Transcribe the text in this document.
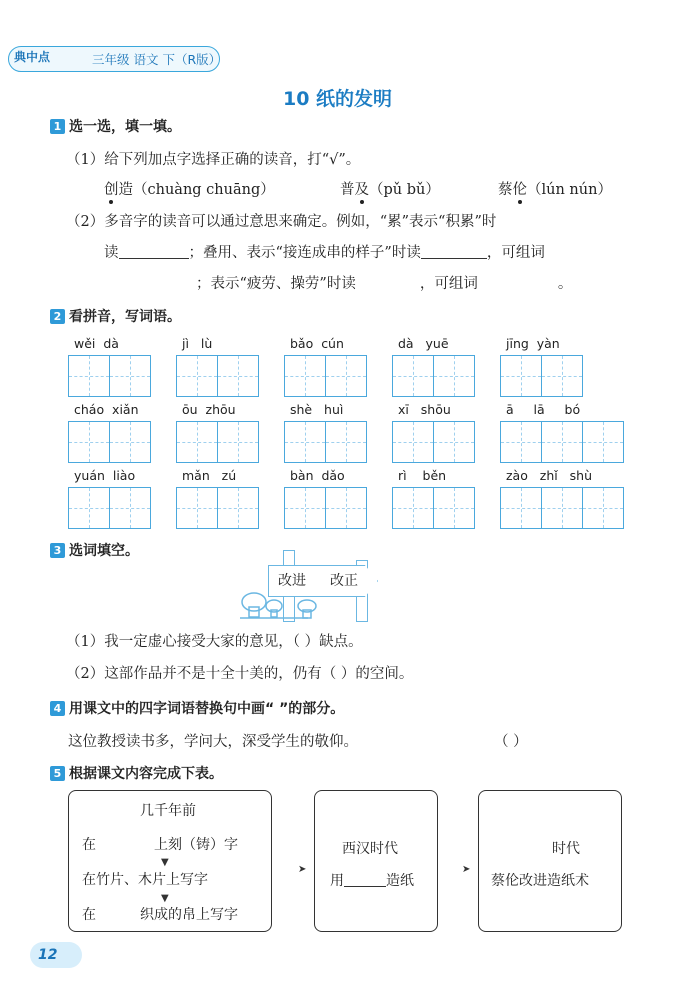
典中点	三年级 语文 下（R版）
10 纸的发明
1 选一选，填一填。
（1）给下列加点字选择正确的读音，打“√”。
创造（chuàng chuāng）	普及（pǔ bǔ）	蔡伦（lún nún）
（2）多音字的读音可以通过意思来确定。例如，“累”表示“积累”时
读	；叠用、表示“接连成串的样子”时读	，可组词
；表示“疲劳、操劳”时读	，可组词	。
2 看拼音，写词语。
wěi  dà	jì   lù	bǎo  cún	dà   yuē	jīng  yàn
cháo  xiǎn	ōu  zhōu	shè   huì	xī   shōu	ā     lā     bó
yuán  liào	mǎn   zú	bàn  dǎo	rì    běn	zào   zhǐ   shù
3 选词填空。
改进 改正
（1）我一定虚心接受大家的意见，（ ）缺点。
（2）这部作品并不是十全十美的，仍有（ ）的空间。
4 用课文中的四字词语替换句中画“ ”的部分。
这位教授读书多，学问大，深受学生的敬仰。	（ ）
5 根据课文内容完成下表。
几千年前
在	上刻（铸）字
▼
在竹片、木片上写字
▼
在	织成的帛上写字
➤
西汉时代
用	造纸
➤
时代
蔡伦改进造纸术
12
